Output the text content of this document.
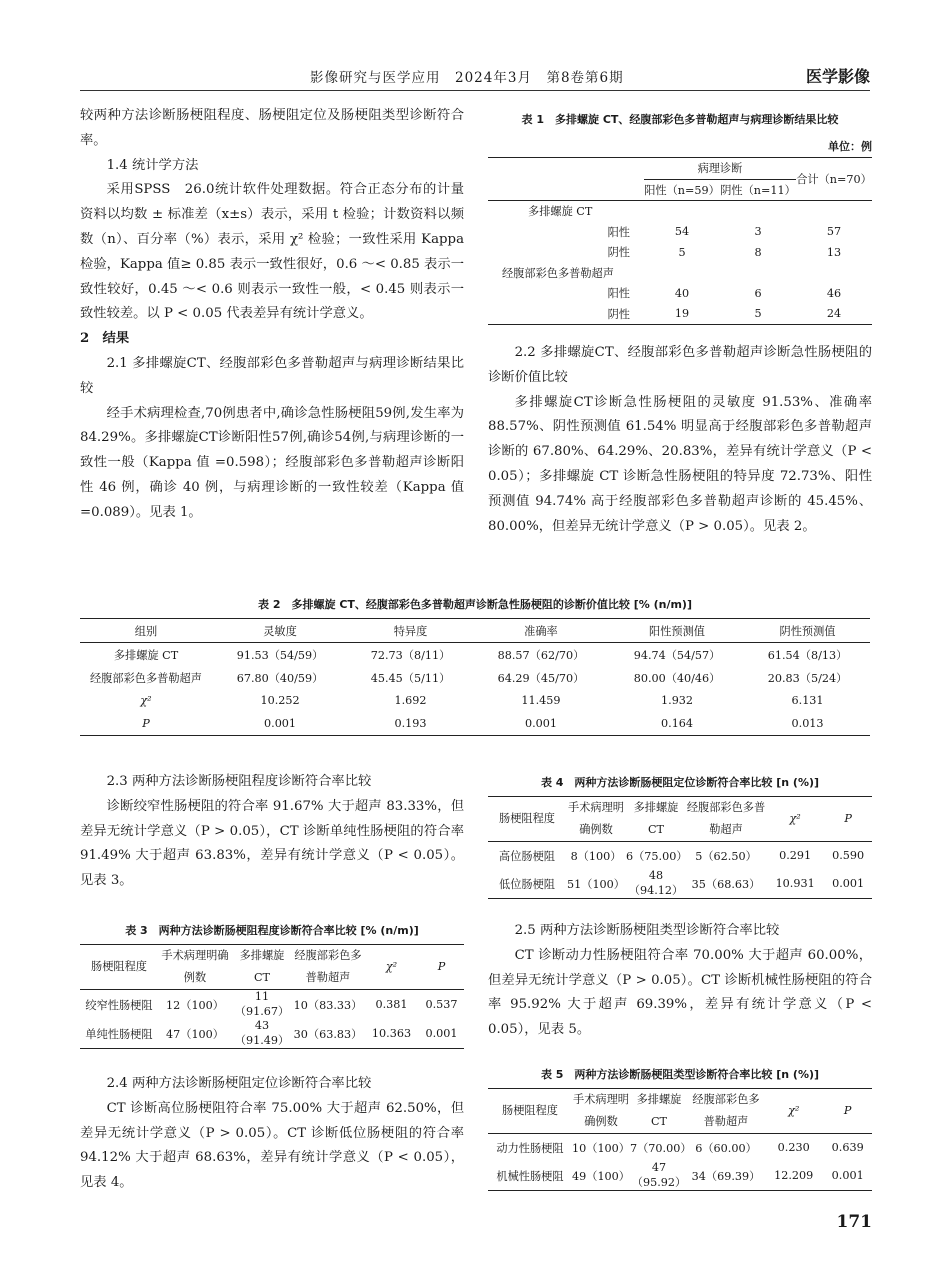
影像研究与医学应用　2024年3月　第8卷第6期	医学影像

较两种方法诊断肠梗阻程度、肠梗阻定位及肠梗阻类型诊断符合率。

1.4 统计学方法

采用SPSS　26.0统计软件处理数据。符合正态分布的计量资料以均数 ± 标准差（x±s）表示，采用 t 检验；计数资料以频数（n）、百分率（%）表示，采用 χ² 检验；一致性采用 Kappa 检验，Kappa 值≥ 0.85 表示一致性很好，0.6 ～< 0.85 表示一致性较好，0.45 ～< 0.6 则表示一致性一般，< 0.45 则表示一致性较差。以 P < 0.05 代表差异有统计学意义。

2　结果

2.1 多排螺旋CT、经腹部彩色多普勒超声与病理诊断结果比较

经手术病理检查,70例患者中,确诊急性肠梗阻59例,发生率为84.29%。多排螺旋CT诊断阳性57例,确诊54例,与病理诊断的一致性一般（Kappa 值 =0.598）；经腹部彩色多普勒超声诊断阳性 46 例，确诊 40 例，与病理诊断的一致性较差（Kappa 值 =0.089）。见表 1。

表 1　多排螺旋 CT、经腹部彩色多普勒超声与病理诊断结果比较
单位：例
	病理诊断		合计（n=70）
	阳性（n=59）	阴性（n=11）	
多排螺旋 CT			
阳性	54	3	57
阴性	5	8	13
经腹部彩色多普勒超声			
阳性	40	6	46
阴性	19	5	24

2.2 多排螺旋CT、经腹部彩色多普勒超声诊断急性肠梗阻的诊断价值比较

多排螺旋CT诊断急性肠梗阻的灵敏度 91.53%、准确率 88.57%、阴性预测值 61.54% 明显高于经腹部彩色多普勒超声诊断的 67.80%、64.29%、20.83%，差异有统计学意义（P < 0.05）；多排螺旋 CT 诊断急性肠梗阻的特异度 72.73%、阳性预测值 94.74% 高于经腹部彩色多普勒超声诊断的 45.45%、80.00%，但差异无统计学意义（P > 0.05）。见表 2。

表 2　多排螺旋 CT、经腹部彩色多普勒超声诊断急性肠梗阻的诊断价值比较 [% (n/m)]
组别	灵敏度	特异度	准确率	阳性预测值	阴性预测值
多排螺旋 CT	91.53（54/59）	72.73（8/11）	88.57（62/70）	94.74（54/57）	61.54（8/13）
经腹部彩色多普勒超声	67.80（40/59）	45.45（5/11）	64.29（45/70）	80.00（40/46）	20.83（5/24）
χ²	10.252	1.692	11.459	1.932	6.131
P	0.001	0.193	0.001	0.164	0.013

2.3 两种方法诊断肠梗阻程度诊断符合率比较

诊断绞窄性肠梗阻的符合率 91.67% 大于超声 83.33%，但差异无统计学意义（P > 0.05），CT 诊断单纯性肠梗阻的符合率 91.49% 大于超声 63.83%，差异有统计学意义（P < 0.05）。见表 3。

表 3　两种方法诊断肠梗阻程度诊断符合率比较 [% (n/m)]
肠梗阻程度	手术病理明确例数	多排螺旋CT	经腹部彩色多普勒超声	χ²	P
绞窄性肠梗阻	12（100）	11（91.67）	10（83.33）	0.381	0.537
单纯性肠梗阻	47（100）	43（91.49）	30（63.83）	10.363	0.001

2.4 两种方法诊断肠梗阻定位诊断符合率比较

CT 诊断高位肠梗阻符合率 75.00% 大于超声 62.50%，但差异无统计学意义（P > 0.05）。CT 诊断低位肠梗阻的符合率 94.12% 大于超声 68.63%，差异有统计学意义（P < 0.05），见表 4。

表 4　两种方法诊断肠梗阻定位诊断符合率比较 [n (%)]
肠梗阻程度	手术病理明确例数	多排螺旋CT	经腹部彩色多普勒超声	χ²	P
高位肠梗阻	8（100）	6（75.00）	5（62.50）	0.291	0.590
低位肠梗阻	51（100）	48（94.12）	35（68.63）	10.931	0.001

2.5 两种方法诊断肠梗阻类型诊断符合率比较

CT 诊断动力性肠梗阻符合率 70.00% 大于超声 60.00%，但差异无统计学意义（P > 0.05）。CT 诊断机械性肠梗阻的符合率 95.92% 大于超声 69.39%，差异有统计学意义（P < 0.05），见表 5。

表 5　两种方法诊断肠梗阻类型诊断符合率比较 [n (%)]
肠梗阻程度	手术病理明确例数	多排螺旋CT	经腹部彩色多普勒超声	χ²	P
动力性肠梗阻	10（100）	7（70.00）	6（60.00）	0.230	0.639
机械性肠梗阻	49（100）	47（95.92）	34（69.39）	12.209	0.001
171
